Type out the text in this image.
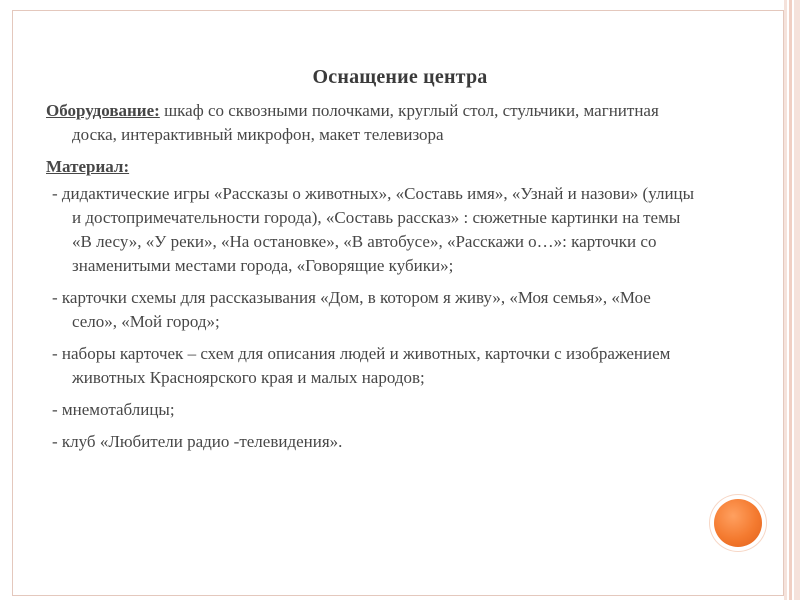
Оснащение центра

Оборудование: шкаф со сквозными полочками, круглый стол, стульчики, магнитная доска, интерактивный микрофон, макет телевизора

Материал:

- дидактические игры «Рассказы о животных», «Составь имя», «Узнай и назови» (улицы и достопримечательности города), «Составь рассказ» : сюжетные картинки на темы «В лесу», «У реки», «На остановке», «В автобусе», «Расскажи о…»: карточки со знаменитыми местами города, «Говорящие кубики»;

- карточки схемы для рассказывания «Дом, в котором я живу», «Моя семья», «Мое село», «Мой город»;

- наборы карточек – схем для описания людей и животных, карточки с изображением животных Красноярского края и малых народов;

- мнемотаблицы;

- клуб «Любители радио -телевидения».
